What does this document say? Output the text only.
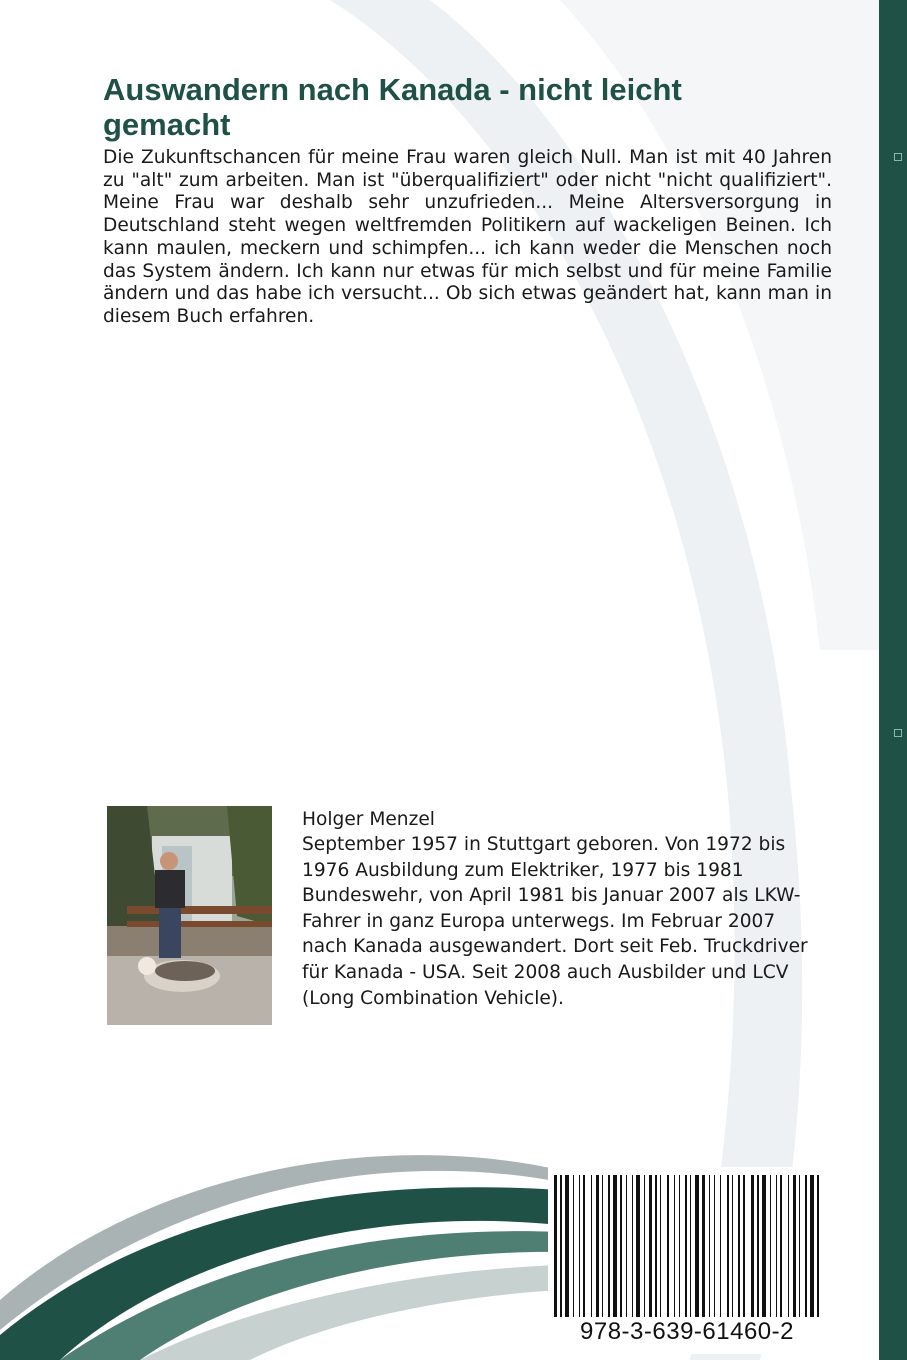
Auswandern nach Kanada - nicht leicht gemacht

Die Zukunftschancen für meine Frau waren gleich Null. Man ist mit 40 Jahren zu "alt" zum arbeiten. Man ist "überqualifiziert" oder nicht "nicht qualifiziert". Meine Frau war deshalb sehr unzufrieden... Meine Altersversorgung in Deutschland steht wegen weltfremden Politikern auf wackeligen Beinen. Ich kann maulen, meckern und schimpfen... ich kann weder die Menschen noch das System ändern. Ich kann nur etwas für mich selbst und für meine Familie ändern und das habe ich versucht... Ob sich etwas geändert hat, kann man in diesem Buch erfahren.

Holger Menzel

September 1957 in Stuttgart geboren. Von 1972 bis 1976 Ausbildung zum Elektriker, 1977 bis 1981 Bundeswehr, von April 1981 bis Januar 2007 als LKW-Fahrer in ganz Europa unterwegs. Im Februar 2007 nach Kanada ausgewandert. Dort seit Feb. Truckdriver für Kanada - USA. Seit 2008 auch Ausbilder und LCV (Long Combination Vehicle).

978-3-639-61460-2
